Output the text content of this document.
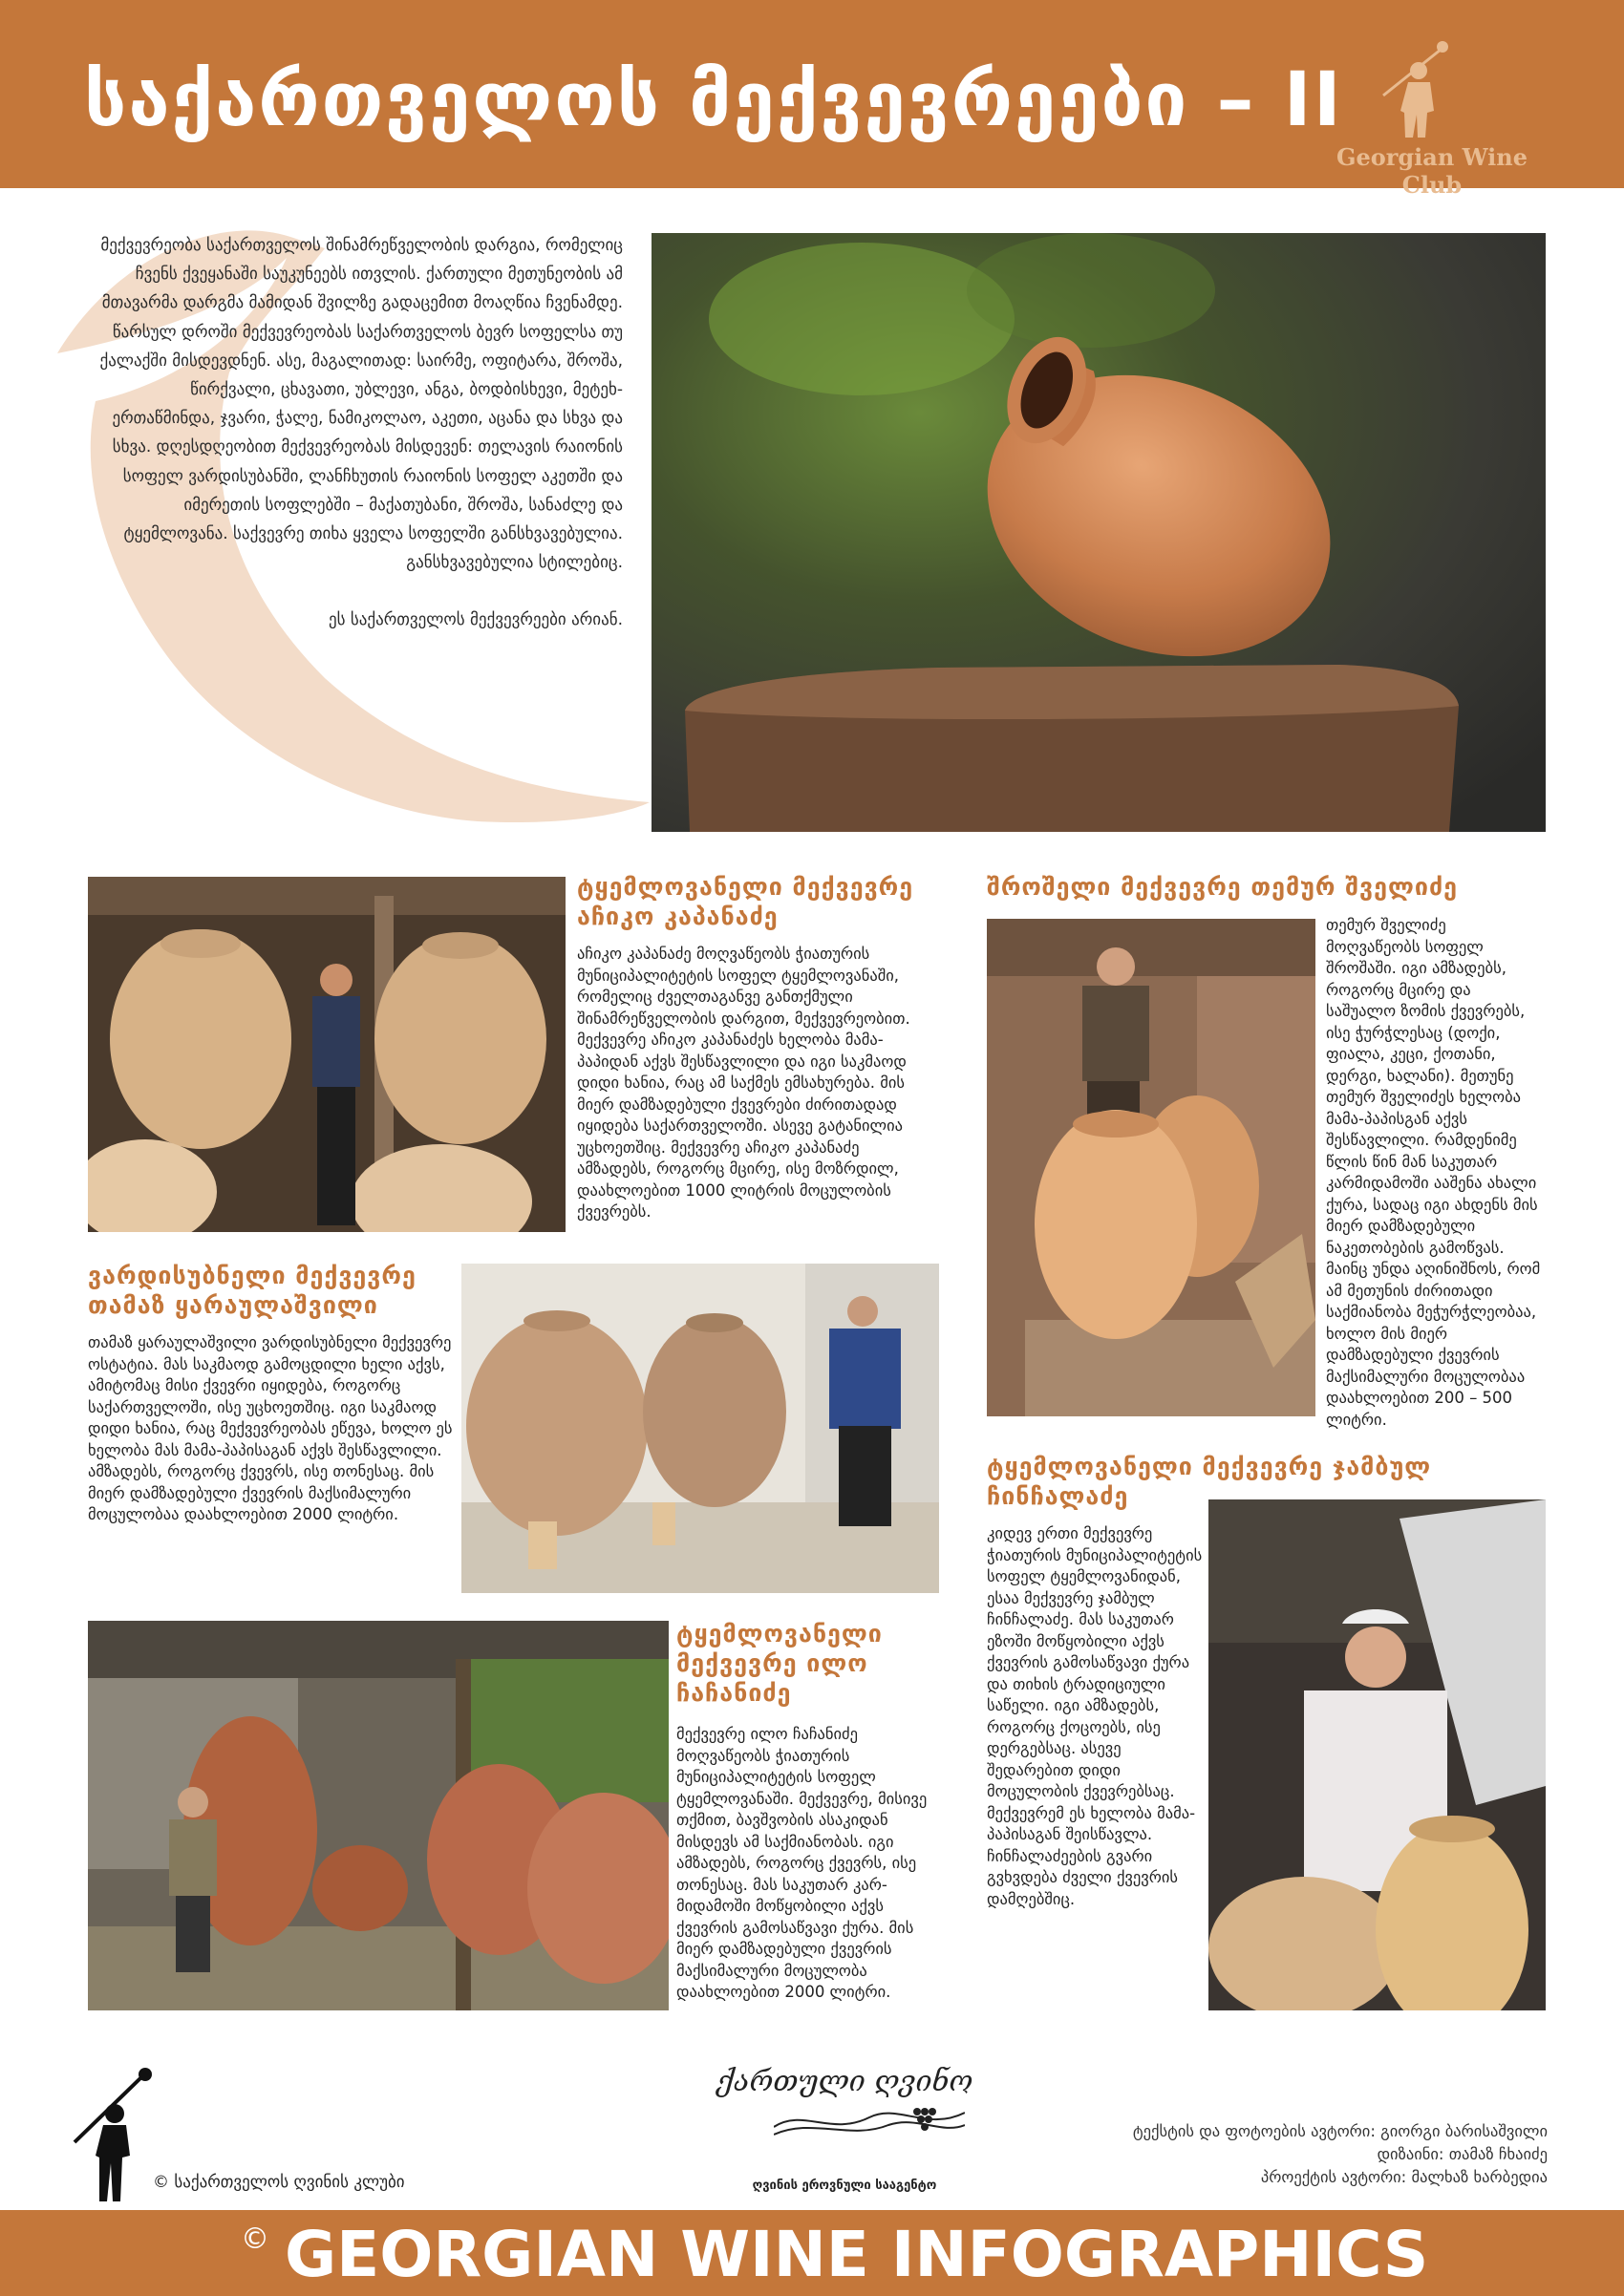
საქართველოს მექვევრეები – II
Georgian Wine Club

მექვევრეობა საქართველოს შინამრეწველობის დარგია, რომელიც ჩვენს ქვეყანაში საუკუნეებს ითვლის. ქართული მეთუნეობის ამ მთავარმა დარგმა მამიდან შვილზე გადაცემით მოაღწია ჩვენამდე. წარსულ დროში მექვევრეობას საქართველოს ბევრ სოფელსა თუ ქალაქში მისდევდნენ. ასე, მაგალითად: საირმე, ოფიტარა, შროშა, წირქვალი, ცხავათი, უბლევი, ანგა, ბოდბისხევი, მეტეხ-ერთაწმინდა, ჯვარი, ჭალე, ნამიკოლაო, აკეთი, აცანა და სხვა და სხვა. დღესდღეობით მექვევრეობას მისდევენ: თელავის რაიონის სოფელ ვარდისუბანში, ლანჩხუთის რაიონის სოფელ აკეთში და იმერეთის სოფლებში – მაქათუბანი, შროშა, სანაძლე და ტყემლოვანა. საქვევრე თიხა ყველა სოფელში განსხვავებულია. განსხვავებულია სტილებიც.

ეს საქართველოს მექვევრეები არიან.

ტყემლოვანელი მექვევრე აჩიკო კაპანაძე
აჩიკო კაპანაძე მოღვაწეობს ჭიათურის მუნიციპალიტეტის სოფელ ტყემლოვანაში, რომელიც ძველთაგანვე განთქმული შინამრეწველობის დარგით, მექვევრეობით. მექვევრე აჩიკო კაპანაძეს ხელობა მამა-პაპიდან აქვს შესწავლილი და იგი საკმაოდ დიდი ხანია, რაც ამ საქმეს ემსახურება. მის მიერ დამზადებული ქვევრები ძირითადად იყიდება საქართველოში. ასევე გატანილია უცხოეთშიც. მექვევრე აჩიკო კაპანაძე ამზადებს, როგორც მცირე, ისე მოზრდილ, დაახლოებით 1000 ლიტრის მოცულობის ქვევრებს.
შროშელი მექვევრე თემურ შველიძე
თემურ შველიძე მოღვაწეობს სოფელ შროშაში. იგი ამზადებს, როგორც მცირე და საშუალო ზომის ქვევრებს, ისე ჭურჭლესაც (დოქი, ფიალა, კეცი, ქოთანი, დერგი, ხალანი). მეთუნე თემურ შველიძეს ხელობა მამა-პაპისგან აქვს შესწავლილი. რამდენიმე წლის წინ მან საკუთარ კარმიდამოში ააშენა ახალი ქურა, სადაც იგი ახდენს მის მიერ დამზადებული ნაკეთობების გამოწვას. მაინც უნდა აღინიშნოს, რომ ამ მეთუნის ძირითადი საქმიანობა მეჭურჭლეობაა, ხოლო მის მიერ დამზადებული ქვევრის მაქსიმალური მოცულობაა დაახლოებით 200 – 500 ლიტრი.
ვარდისუბნელი მექვევრე თამაზ ყარაულაშვილი
თამაზ ყარაულაშვილი ვარდისუბნელი მექვევრე ოსტატია. მას საკმაოდ გამოცდილი ხელი აქვს, ამიტომაც მისი ქვევრი იყიდება, როგორც საქართველოში, ისე უცხოეთშიც. იგი საკმაოდ დიდი ხანია, რაც მექვევრეობას ეწევა, ხოლო ეს ხელობა მას მამა-პაპისაგან აქვს შესწავლილი. ამზადებს, როგორც ქვევრს, ისე თონესაც. მის მიერ დამზადებული ქვევრის მაქსიმალური მოცულობაა დაახლოებით 2000 ლიტრი.
ტყემლოვანელი მექვევრე ჯამბულ ჩინჩალაძე
კიდევ ერთი მექვევრე ჭიათურის მუნიციპალიტეტის სოფელ ტყემლოვანიდან, ესაა მექვევრე ჯამბულ ჩინჩალაძე. მას საკუთარ ეზოში მოწყობილი აქვს ქვევრის გამოსაწვავი ქურა და თიხის ტრადიციული საწელი. იგი ამზადებს, როგორც ქოცოებს, ისე დერგებსაც. ასევე შედარებით დიდი მოცულობის ქვევრებსაც. მექვევრემ ეს ხელობა მამა-პაპისაგან შეისწავლა. ჩინჩალაძეების გვარი გვხვდება ძველი ქვევრის დამღებშიც.
ტყემლოვანელი მექვევრე ილო ჩაჩანიძე
მექვევრე ილო ჩაჩანიძე მოღვაწეობს ჭიათურის მუნიციპალიტეტის სოფელ ტყემლოვანაში. მექვევრე, მისივე თქმით, ბავშვობის ასაკიდან მისდევს ამ საქმიანობას. იგი ამზადებს, როგორც ქვევრს, ისე თონესაც. მას საკუთარ კარ-მიდამოში მოწყობილი აქვს ქვევრის გამოსაწვავი ქურა. მის მიერ დამზადებული ქვევრის მაქსიმალური მოცულობა დაახლოებით 2000 ლიტრი.
© საქართველოს ღვინის კლუბი
ქართული ღვინო
ღვინის ეროვნული სააგენტო
ტექსტის და ფოტოების ავტორი: გიორგი ბარისაშვილი
დიზაინი: თამაზ ჩხაიძე
პროექტის ავტორი: მალხაზ ხარბედია
© GEORGIAN WINE INFOGRAPHICS
